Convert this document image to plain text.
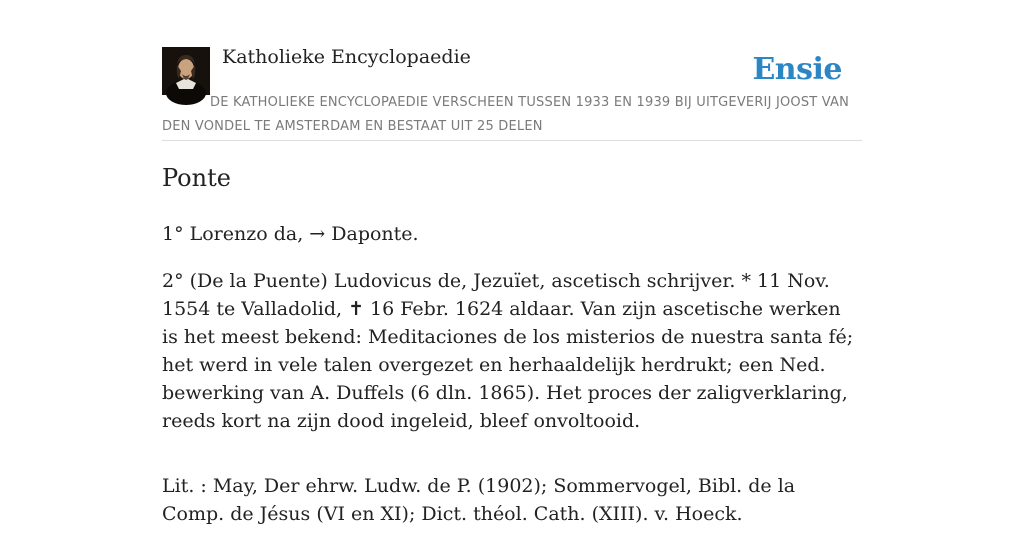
Katholieke Encyclopaedie	Ensie
DE KATHOLIEKE ENCYCLOPAEDIE VERSCHEEN TUSSEN 1933 EN 1939 BIJ UITGEVERIJ JOOST VAN DEN VONDEL TE AMSTERDAM EN BESTAAT UIT 25 DELEN
Ponte

1° Lorenzo da, → Daponte.

2° (De la Puente) Ludovicus de, Jezuïet, ascetisch schrijver. * 11 Nov. 1554 te Valladolid, ✝ 16 Febr. 1624 aldaar. Van zijn ascetische werken is het meest bekend: Meditaciones de los misterios de nuestra santa fé; het werd in vele talen overgezet en herhaaldelijk herdrukt; een Ned. bewerking van A. Duffels (6 dln. 1865). Het proces der zaligverklaring, reeds kort na zijn dood ingeleid, bleef onvoltooid.

Lit. : May, Der ehrw. Ludw. de P. (1902); Sommervogel, Bibl. de la Comp. de Jésus (VI en XI); Dict. théol. Cath. (XIII). v. Hoeck.
